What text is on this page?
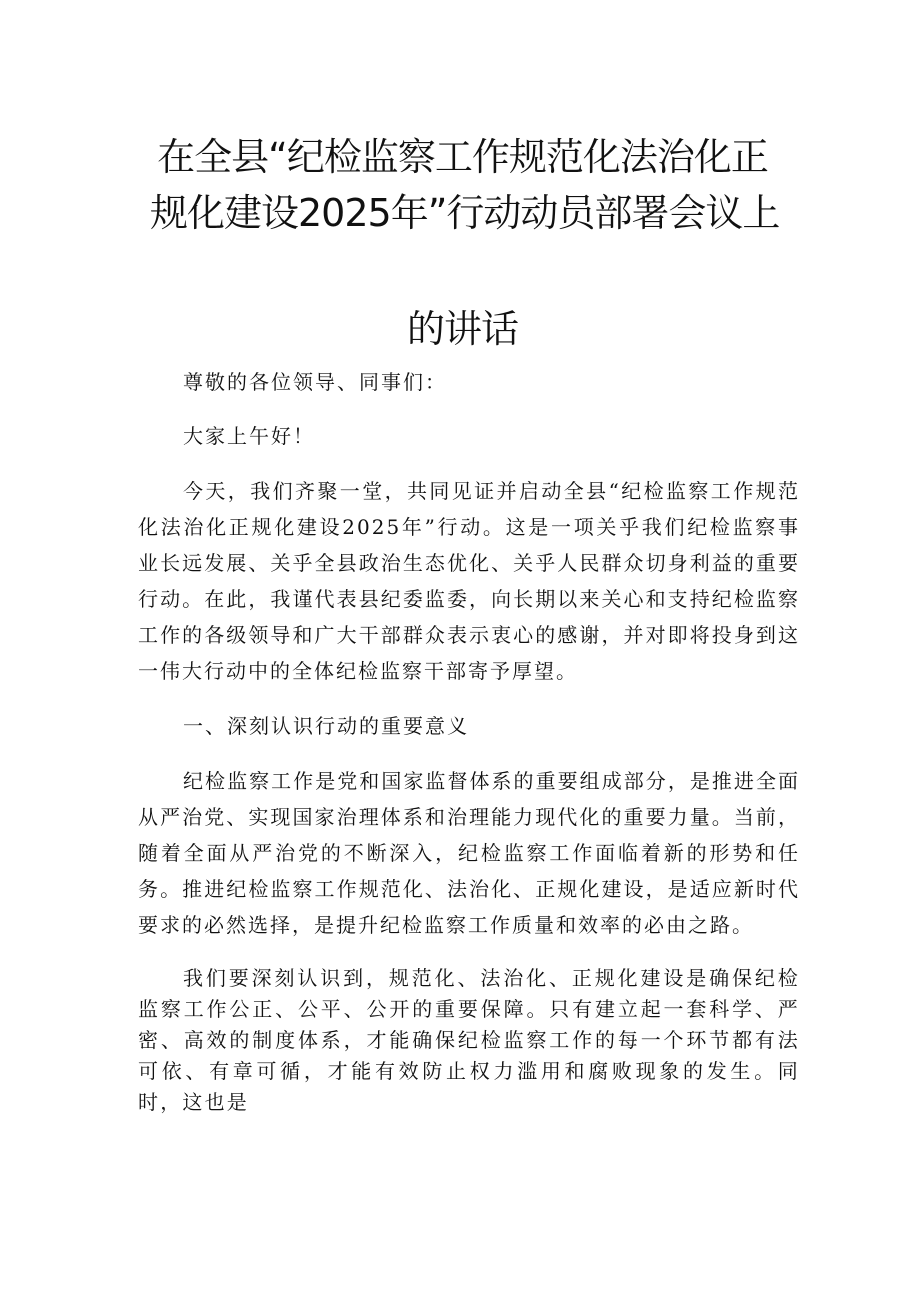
在全县“纪检监察工作规范化法治化正
规化建设2025年”行动动员部署会议上
的讲话

尊敬的各位领导、同事们：

大家上午好！

今天，我们齐聚一堂，共同见证并启动全县“纪检监察工作规范化法治化正规化建设2025年”行动。这是一项关乎我们纪检监察事业长远发展、关乎全县政治生态优化、关乎人民群众切身利益的重要行动。在此，我谨代表县纪委监委，向长期以来关心和支持纪检监察工作的各级领导和广大干部群众表示衷心的感谢，并对即将投身到这一伟大行动中的全体纪检监察干部寄予厚望。

一、深刻认识行动的重要意义

纪检监察工作是党和国家监督体系的重要组成部分，是推进全面从严治党、实现国家治理体系和治理能力现代化的重要力量。当前，随着全面从严治党的不断深入，纪检监察工作面临着新的形势和任务。推进纪检监察工作规范化、法治化、正规化建设，是适应新时代要求的必然选择，是提升纪检监察工作质量和效率的必由之路。

我们要深刻认识到，规范化、法治化、正规化建设是确保纪检监察工作公正、公平、公开的重要保障。只有建立起一套科学、严密、高效的制度体系，才能确保纪检监察工作的每一个环节都有法可依、有章可循，才能有效防止权力滥用和腐败现象的发生。同时，这也是
